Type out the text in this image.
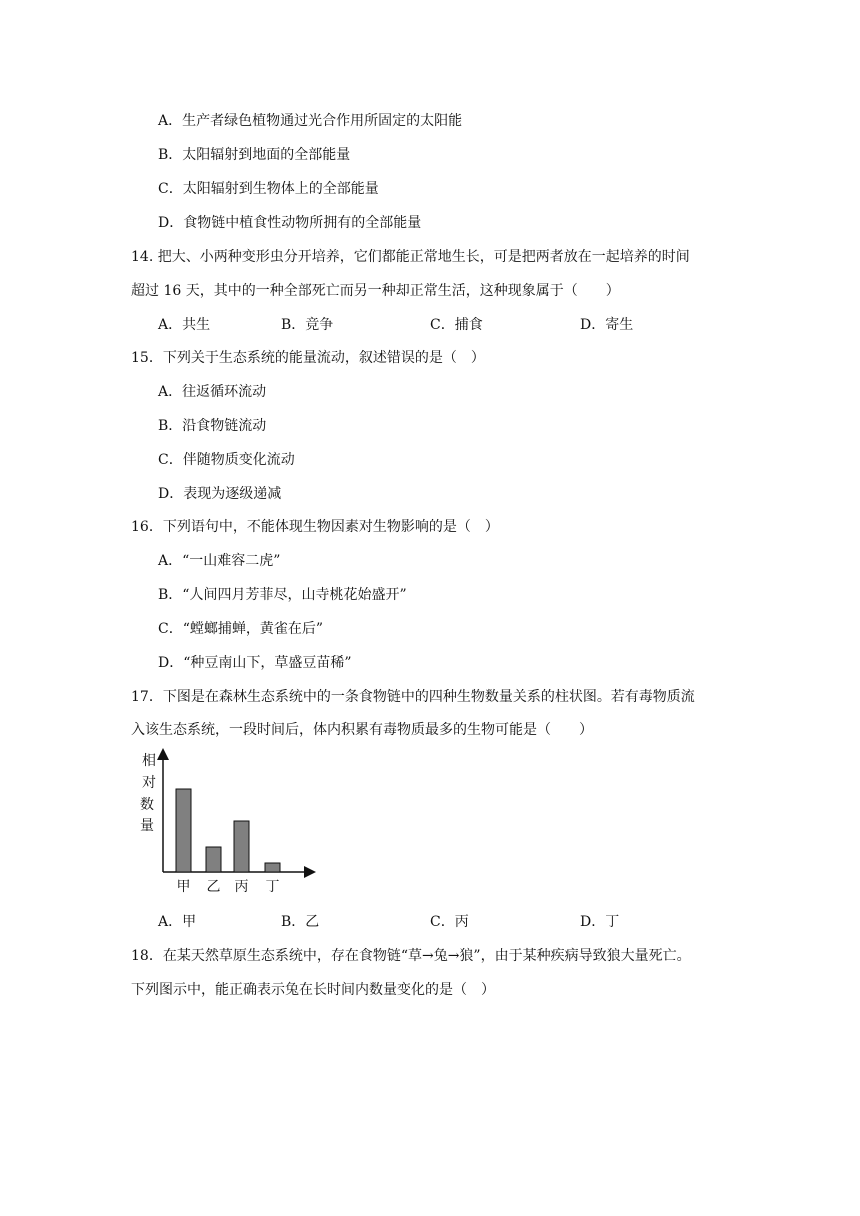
A．生产者绿色植物通过光合作用所固定的太阳能
B．太阳辐射到地面的全部能量
C．太阳辐射到生物体上的全部能量
D．食物链中植食性动物所拥有的全部能量
14. 把大、小两种变形虫分开培养，它们都能正常地生长，可是把两者放在一起培养的时间
超过 16 天，其中的一种全部死亡而另一种却正常生活，这种现象属于（　　）
A．共生	B．竞争	C．捕食	D．寄生
15．下列关于生态系统的能量流动，叙述错误的是（　）
A．往返循环流动
B．沿食物链流动
C．伴随物质变化流动
D．表现为逐级递减
16．下列语句中，不能体现生物因素对生物影响的是（　）
A．“一山难容二虎”
B．“人间四月芳菲尽，山寺桃花始盛开”
C．“螳螂捕蝉，黄雀在后”
D．“种豆南山下，草盛豆苗稀”
17．下图是在森林生态系统中的一条食物链中的四种生物数量关系的柱状图。若有毒物质流
入该生态系统，一段时间后，体内积累有毒物质最多的生物可能是（　　）
相
对
数
量
甲 乙 丙 丁
A．甲	B．乙	C．丙	D．丁
18．在某天然草原生态系统中，存在食物链“草→兔→狼”，由于某种疾病导致狼大量死亡。
下列图示中，能正确表示兔在长时间内数量变化的是（　）
